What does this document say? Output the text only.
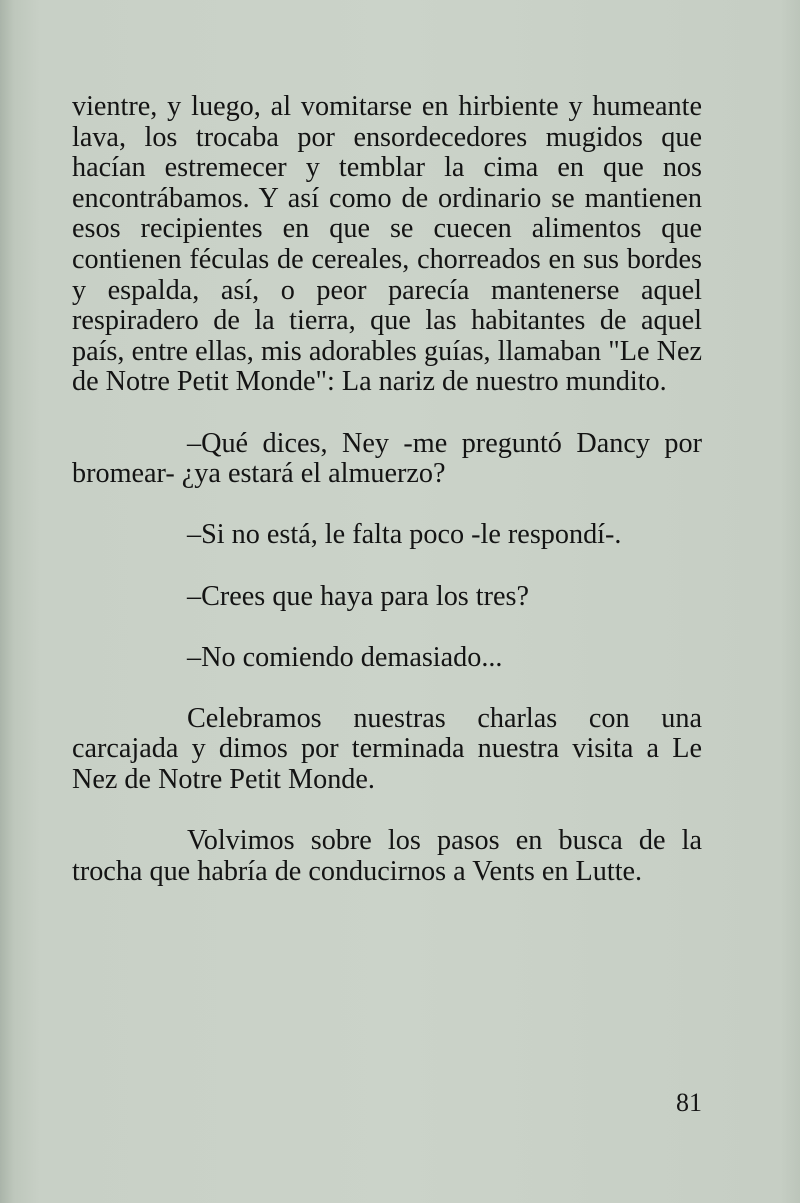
vientre, y luego, al vomitarse en hirbiente y humeante lava, los trocaba por ensordecedores mugidos que hacían estremecer y temblar la cima en que nos encontrábamos. Y así como de ordinario se mantienen esos recipientes en que se cuecen alimentos que contienen féculas de cereales, chorreados en sus bordes y espalda, así, o peor parecía mantenerse aquel respiradero de la tierra, que las habitantes de aquel país, entre ellas, mis adorables guías, llamaban "Le Nez de Notre Petit Monde": La nariz de nuestro mundito.

–Qué dices, Ney -me preguntó Dancy por bromear- ¿ya estará el almuerzo?

–Si no está, le falta poco -le respondí-.

–Crees que haya para los tres?

–No comiendo demasiado...

Celebramos nuestras charlas con una carcajada y dimos por terminada nuestra visita a Le Nez de Notre Petit Monde.

Volvimos sobre los pasos en busca de la trocha que habría de conducirnos a Vents en Lutte.

81
